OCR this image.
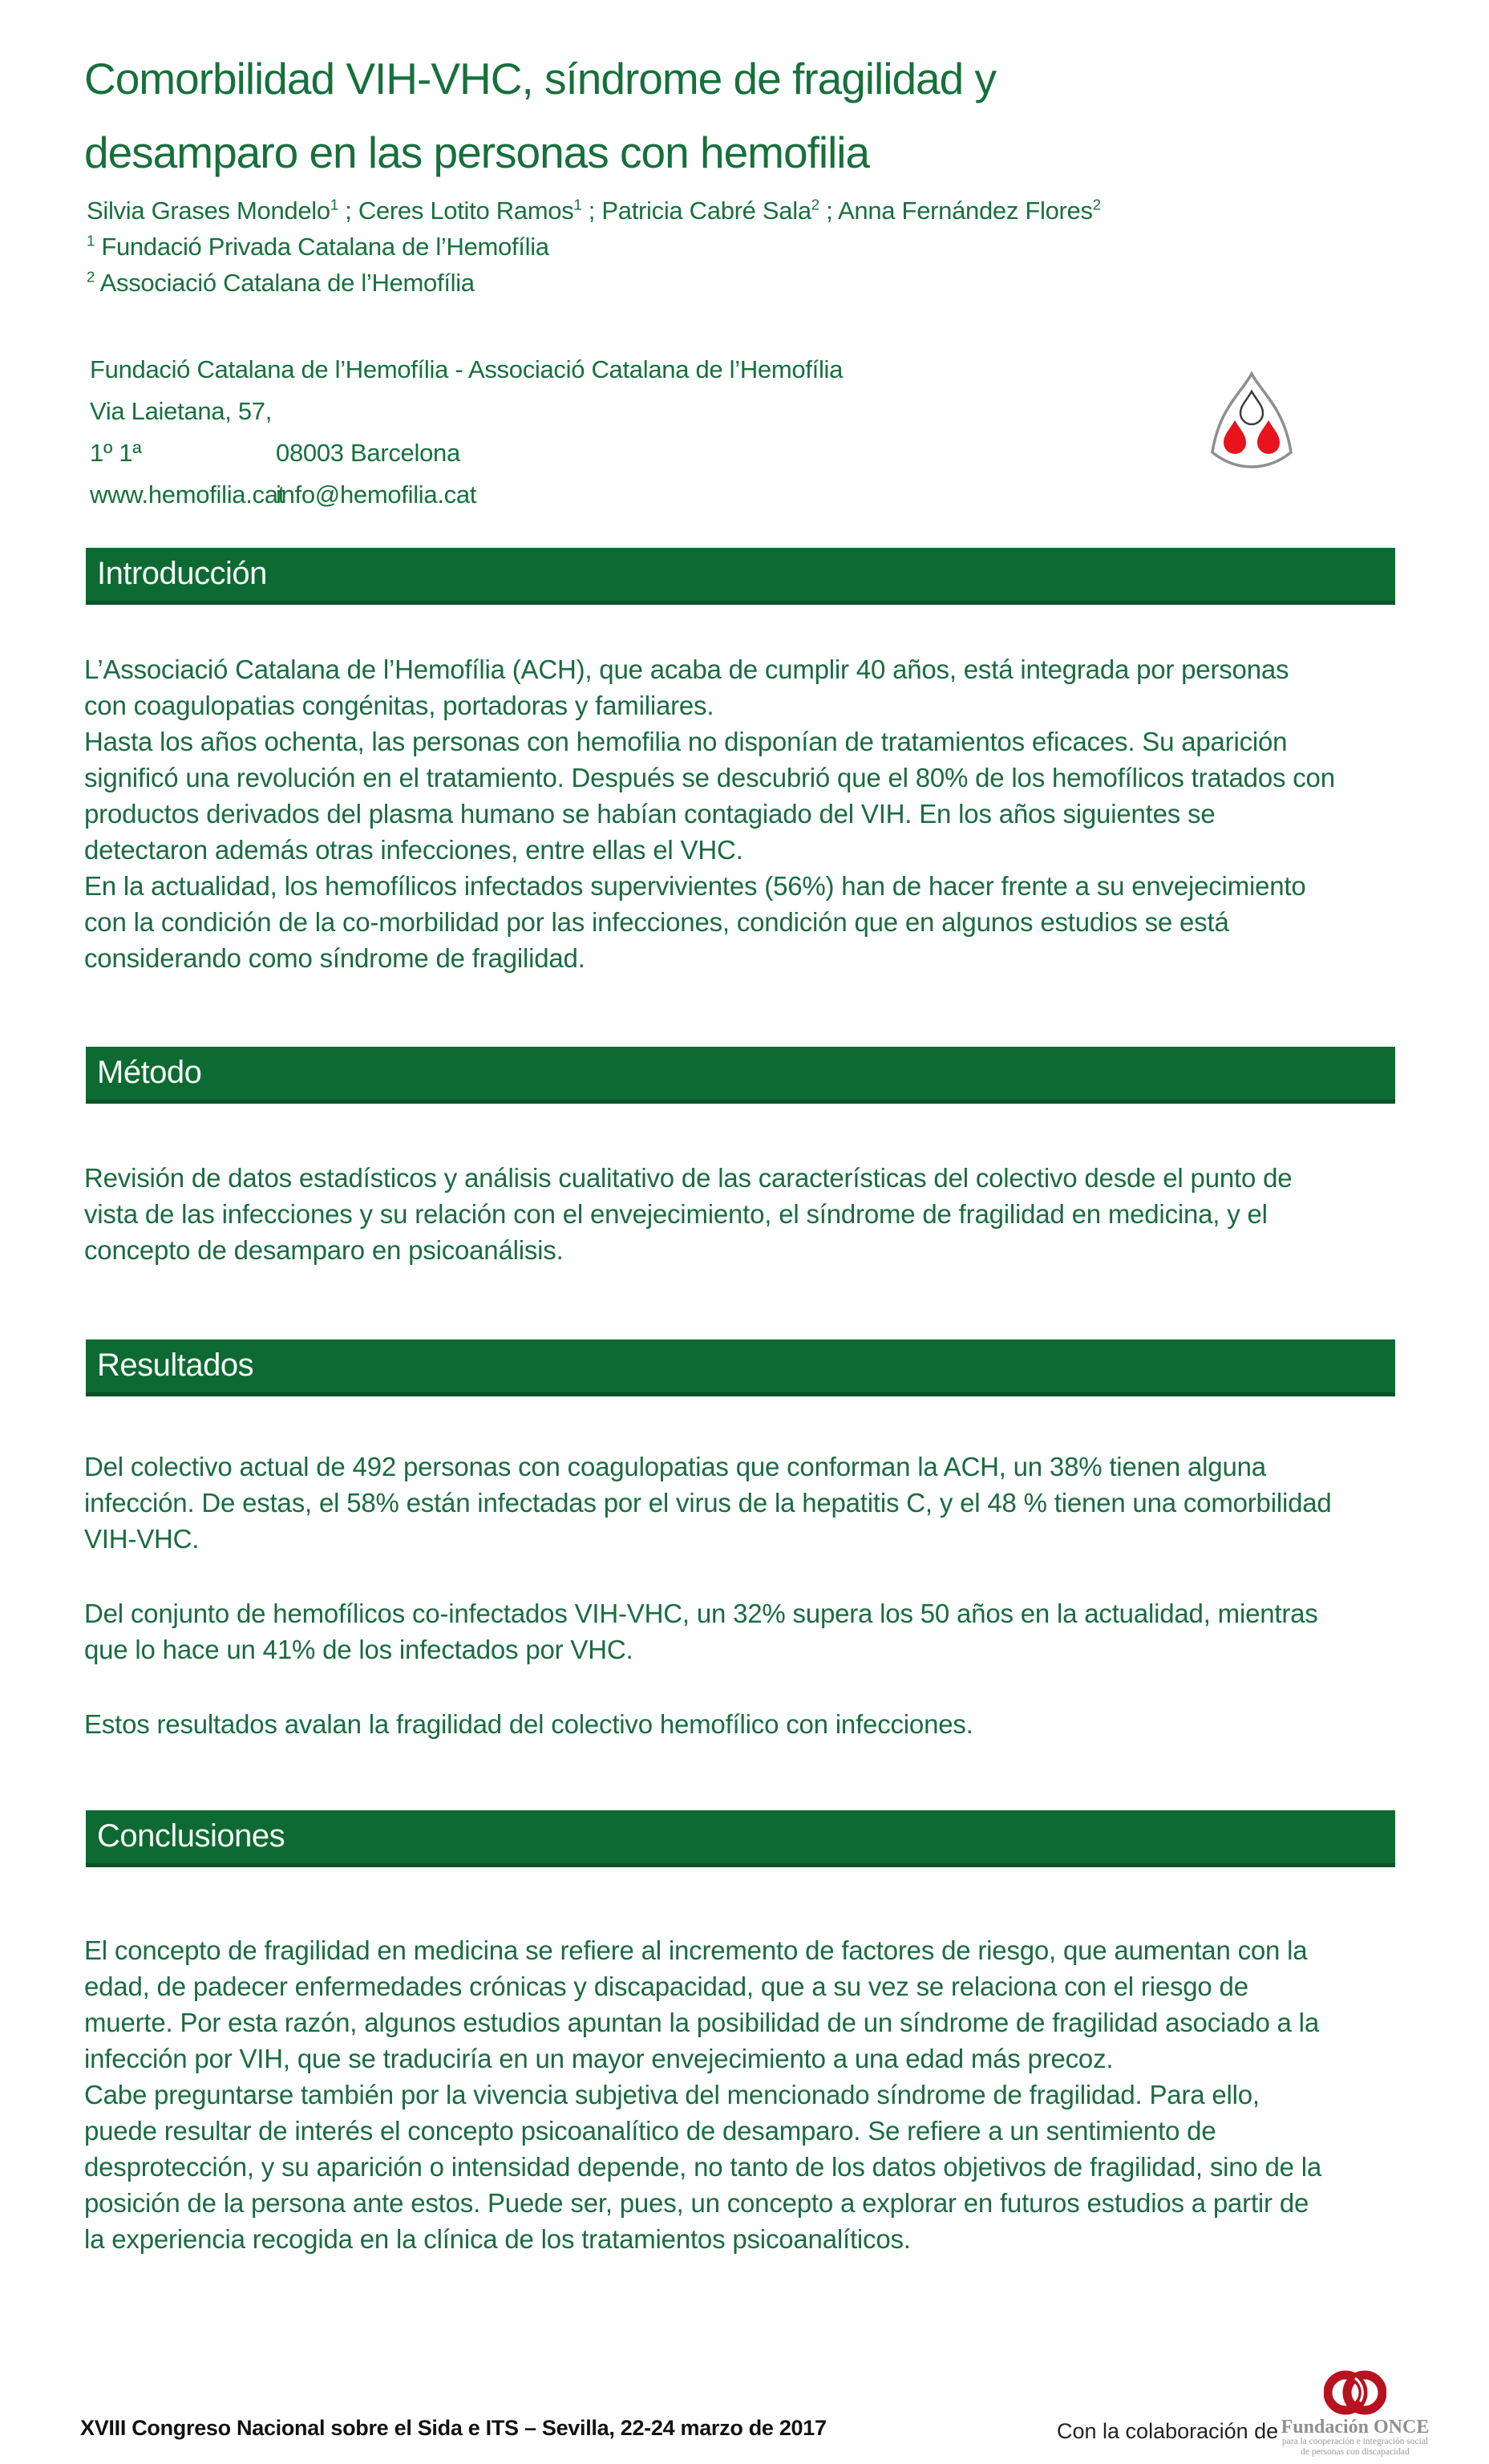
Comorbilidad VIH-VHC, síndrome de fragilidad y desamparo en las personas con hemofilia
Silvia Grases Mondelo$^1$ ; Ceres Lotito Ramos$^1$ ; Patricia Cabré Sala$^2$ ; Anna Fernández Flores$^2$
$^1$ Fundació Privada Catalana de l’Hemofília
$^2$ Associació Catalana de l’Hemofília
Fundació Catalana de l’Hemofília - Associació Catalana de l’Hemofília
Via Laietana, 57, 1º 1ª	08003 Barcelona
www.hemofilia.catinfo@hemofilia.cat
Introducción

L’Associació Catalana de l’Hemofília (ACH), que acaba de cumplir 40 años, está integrada por personas con coagulopatias congénitas, portadoras y familiares.

Hasta los años ochenta, las personas con hemofilia no disponían de tratamientos eficaces. Su aparición significó una revolución en el tratamiento. Después se descubrió que el 80% de los hemofílicos tratados con productos derivados del plasma humano se habían contagiado del VIH. En los años siguientes se detectaron además otras infecciones, entre ellas el VHC.

En la actualidad, los hemofílicos infectados supervivientes (56%) han de hacer frente a su envejecimiento con la condición de la co-morbilidad por las infecciones, condición que en algunos estudios se está considerando como síndrome de fragilidad.

Método

Revisión de datos estadísticos y análisis cualitativo de las características del colectivo desde el punto de vista de las infecciones y su relación con el envejecimiento, el síndrome de fragilidad en medicina, y el concepto de desamparo en psicoanálisis.

Resultados

Del colectivo actual de 492 personas con coagulopatias que conforman la ACH, un 38% tienen alguna infección. De estas, el 58% están infectadas por el virus de la hepatitis C, y el 48 % tienen una comorbilidad VIH-VHC.

Del conjunto de hemofílicos co-infectados VIH-VHC, un 32% supera los 50 años en la actualidad, mientras que lo hace un 41% de los infectados por VHC.

Estos resultados avalan la fragilidad del colectivo hemofílico con infecciones.

Conclusiones

El concepto de fragilidad en medicina se refiere al incremento de factores de riesgo, que aumentan con la edad, de padecer enfermedades crónicas y discapacidad, que a su vez se relaciona con el riesgo de muerte. Por esta razón, algunos estudios apuntan la posibilidad de un síndrome de fragilidad asociado a la infección por VIH, que se traduciría en un mayor envejecimiento a una edad más precoz.

Cabe preguntarse también por la vivencia subjetiva del mencionado síndrome de fragilidad. Para ello, puede resultar de interés el concepto psicoanalítico de desamparo. Se refiere a un sentimiento de desprotección, y su aparición o intensidad depende, no tanto de los datos objetivos de fragilidad, sino de la posición de la persona ante estos. Puede ser, pues, un concepto a explorar en futuros estudios a partir de la experiencia recogida en la clínica de los tratamientos psicoanalíticos.

XVIII Congreso Nacional sobre el Sida e ITS – Sevilla, 22-24 marzo de 2017	Con la colaboración de Fundación ONCE
para la cooperación e integración social
de personas con discapacidad
